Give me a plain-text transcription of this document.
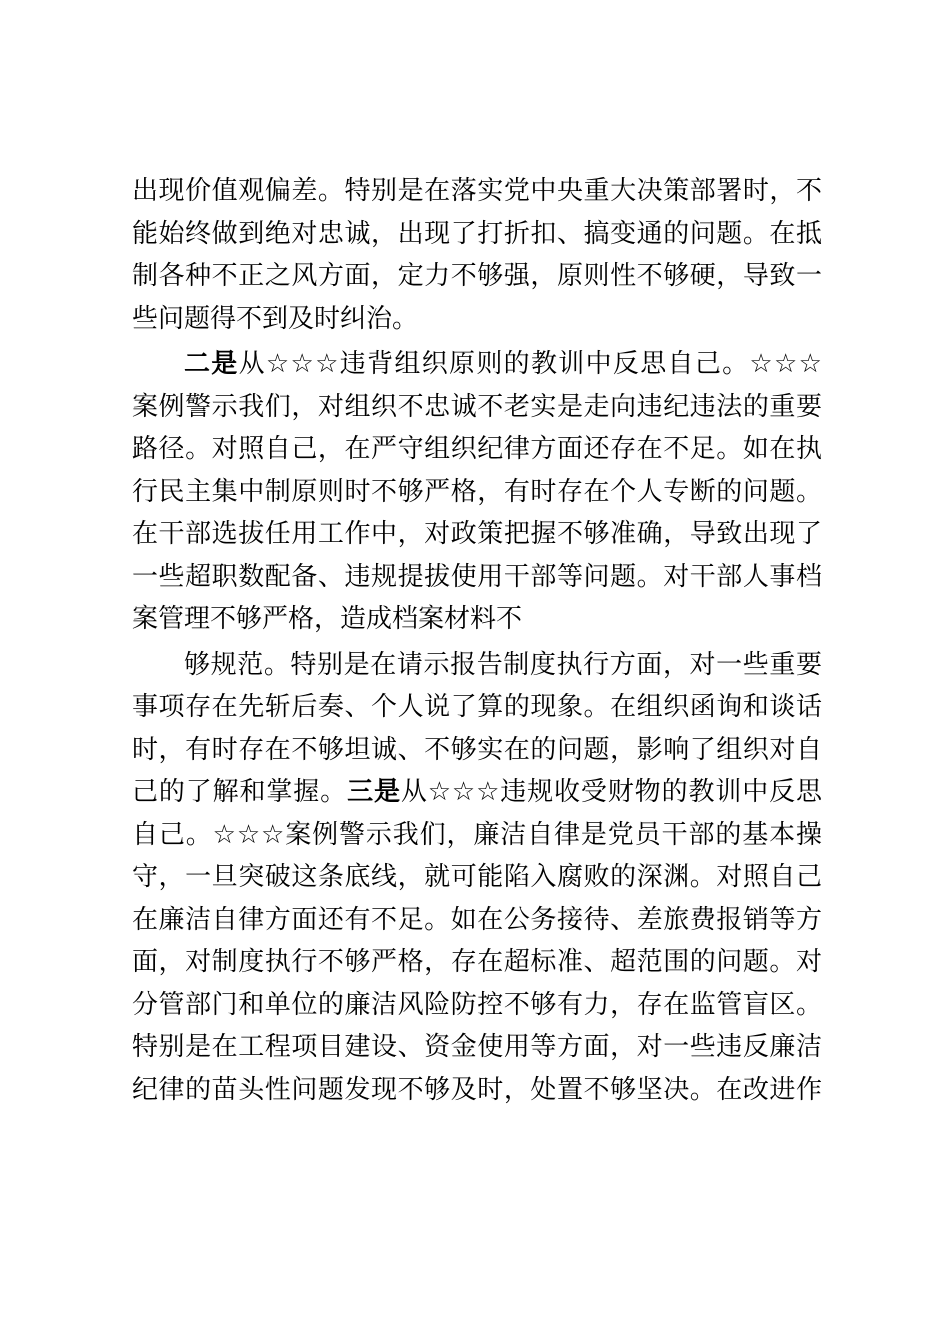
出现价值观偏差。特别是在落实党中央重大决策部署时，不
能始终做到绝对忠诚，出现了打折扣、搞变通的问题。在抵
制各种不正之风方面，定力不够强，原则性不够硬，导致一
些问题得不到及时纠治。
二是从☆☆☆违背组织原则的教训中反思自己。☆☆☆
案例警示我们，对组织不忠诚不老实是走向违纪违法的重要
路径。对照自己，在严守组织纪律方面还存在不足。如在执
行民主集中制原则时不够严格，有时存在个人专断的问题。
在干部选拔任用工作中，对政策把握不够准确，导致出现了
一些超职数配备、违规提拔使用干部等问题。对干部人事档
案管理不够严格，造成档案材料不
够规范。特别是在请示报告制度执行方面，对一些重要
事项存在先斩后奏、个人说了算的现象。在组织函询和谈话
时，有时存在不够坦诚、不够实在的问题，影响了组织对自
己的了解和掌握。三是从☆☆☆违规收受财物的教训中反思
自己。☆☆☆案例警示我们，廉洁自律是党员干部的基本操
守，一旦突破这条底线，就可能陷入腐败的深渊。对照自己
在廉洁自律方面还有不足。如在公务接待、差旅费报销等方
面，对制度执行不够严格，存在超标准、超范围的问题。对
分管部门和单位的廉洁风险防控不够有力，存在监管盲区。
特别是在工程项目建设、资金使用等方面，对一些违反廉洁
纪律的苗头性问题发现不够及时，处置不够坚决。在改进作
